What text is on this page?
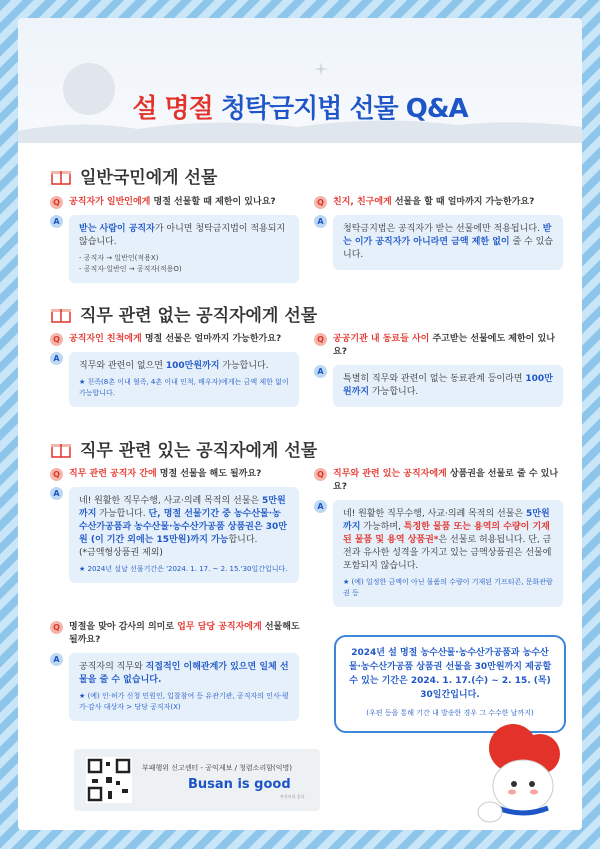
설 명절 청탁금지법 선물 Q&A
일반국민에게 선물
Q	공직자가 일반인에게 명절 선물할 때 제한이 있나요?
A
받는 사람이 공직자가 아니면 청탁금지법이 적용되지 않습니다.
- 공직자 → 일반인(적용X)
- 공직자·일반인 → 공직자(적용O)
Q	친지, 친구에게 선물을 할 때 얼마까지 가능한가요?
A
청탁금지법은 공직자가 받는 선물에만 적용됩니다. 받는 이가 공직자가 아니라면 금액 제한 없이 줄 수 있습니다.
직무 관련 없는 공직자에게 선물
Q	공직자인 친척에게 명절 선물은 얼마까지 가능한가요?
A
직무와 관련이 없으면 100만원까지 가능합니다.
★ 친족(8촌 이내 혈족, 4촌 이내 인척, 배우자)에게는 금액 제한 없이 가능합니다.
Q	공공기관 내 동료들 사이 주고받는 선물에도 제한이 있나요?
A
특별히 직무와 관련이 없는 동료관계 등이라면 100만원까지 가능합니다.
직무 관련 있는 공직자에게 선물
Q	직무 관련 공직자 간에 명절 선물을 해도 될까요?
A
네! 원활한 직무수행, 사교·의례 목적의 선물은 5만원까지 가능합니다. 단, 명절 선물기간 중 농수산물·농수산가공품과 농수산물·농수산가공품 상품권은 30만원 (이 기간 외에는 15만원)까지 가능합니다.
(*금액형상품권 제외)
★ 2024년 설날 선물기간은 '2024. 1. 17. ~ 2. 15.'30일간입니다.
Q	직무와 관련 있는 공직자에게 상품권을 선물로 줄 수 있나요?
A
네! 원활한 직무수행, 사교·의례 목적의 선물은 5만원까지 가능하며, 특정한 물품 또는 용역의 수량이 기재된 물품 및 용역 상품권*은 선물로 허용됩니다. 단, 금전과 유사한 성격을 가지고 있는 금액상품권은 선물에 포함되지 않습니다.
★ (예) 일정한 금액이 아닌 물품의 수량이 기재된 기프티콘, 문화관람권 등
Q	명절을 맞아 감사의 의미로 업무 담당 공직자에게 선물해도 될까요?
A
공직자의 직무와 직접적인 이해관계가 있으면 일체 선물을 줄 수 없습니다.
★ (예) 인·허가 신청 민원인, 입찰참여 등 유관기관, 공직자의 인사·평가·감사 대상자 > 당당 공직자(X)
2024년 설 명절 농수산물·농수산가공품과 농수산물·농수산가공품 상품권 선물을 30만원까지 제공할 수 있는 기간은 2024. 1. 17.(수) ~ 2. 15. (목) 30일간입니다.
(우편 등을 통해 기간 내 발송한 경우 그 수수한 날까지)
부패행위 신고센터 - 공익제보 / 청렴소리함(익명)
Busan is good
부산이라 좋다
